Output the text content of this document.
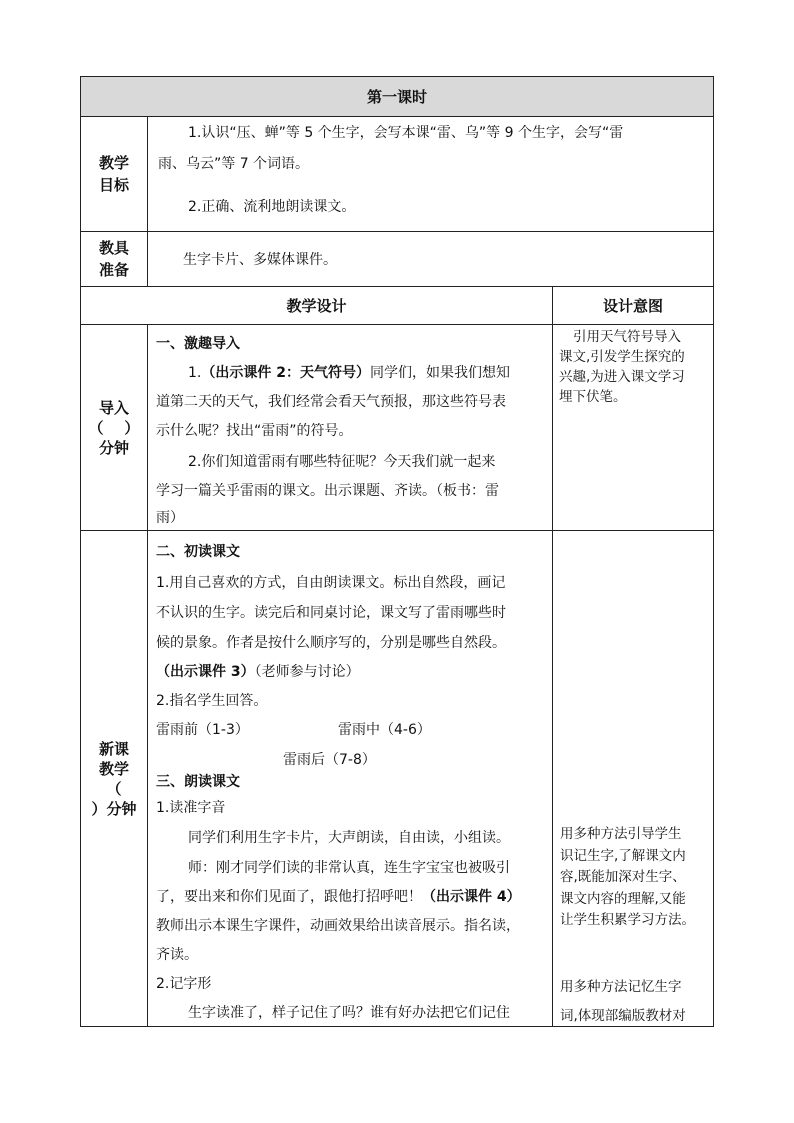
第一课时
教学
目标
1.认识“压、蝉”等 5 个生字，会写本课“雷、乌”等 9 个生字，会写“雷
雨、乌云”等 7 个词语。
2.正确、流利地朗读课文。
教具
准备
生字卡片、多媒体课件。
教学设计	设计意图
导入
（    ）
分钟
一、激趣导入
1.（出示课件 2：天气符号）同学们，如果我们想知
道第二天的天气，我们经常会看天气预报，那这些符号表
示什么呢？找出“雷雨”的符号。
2.你们知道雷雨有哪些特征呢？今天我们就一起来
学习一篇关乎雷雨的课文。出示课题、齐读。（板书：雷
雨）
引用天气符号导入
课文,引发学生探究的
兴趣,为进入课文学习
埋下伏笔。
新课
教学
（
）分钟
二、初读课文
1.用自己喜欢的方式，自由朗读课文。标出自然段，画记
不认识的生字。读完后和同桌讨论，课文写了雷雨哪些时
候的景象。作者是按什么顺序写的，分别是哪些自然段。
（出示课件 3）（老师参与讨论）
2.指名学生回答。
雷雨前（1-3）	雷雨中（4-6）
雷雨后（7-8）
三、朗读课文
1.读准字音
同学们利用生字卡片，大声朗读，自由读，小组读。
师：刚才同学们读的非常认真，连生字宝宝也被吸引
了，要出来和你们见面了，跟他打招呼吧！（出示课件 4）
教师出示本课生字课件，动画效果给出读音展示。指名读，
齐读。
2.记字形
生字读准了，样子记住了吗？谁有好办法把它们记住
用多种方法引导学生
识记生字,了解课文内
容,既能加深对生字、
课文内容的理解,又能
让学生积累学习方法。
用多种方法记忆生字
词,体现部编版教材对
